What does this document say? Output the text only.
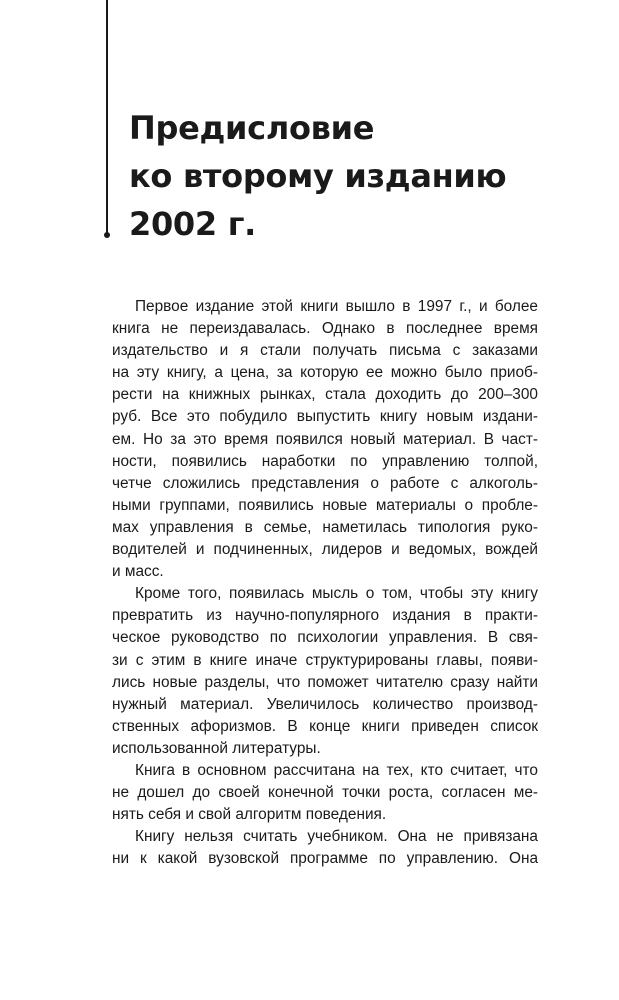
Предисловие
ко второму изданию
2002 г.
Первое издание этой книги вышло в 1997 г., и более
книга не переиздавалась. Однако в последнее время
издательство и я стали получать письма с заказами
на эту книгу, а цена, за которую ее можно было приоб-
рести на книжных рынках, стала доходить до 200–300
руб. Все это побудило выпустить книгу новым издани-
ем. Но за это время появился новый материал. В част-
ности, появились наработки по управлению толпой,
четче сложились представления о работе с алкоголь-
ными группами, появились новые материалы о пробле-
мах управления в семье, наметилась типология руко-
водителей и подчиненных, лидеров и ведомых, вождей
и масс.
Кроме того, появилась мысль о том, чтобы эту книгу
превратить из научно-популярного издания в практи-
ческое руководство по психологии управления. В свя-
зи с этим в книге иначе структурированы главы, появи-
лись новые разделы, что поможет читателю сразу найти
нужный материал. Увеличилось количество производ-
ственных афоризмов. В конце книги приведен список
использованной литературы.
Книга в основном рассчитана на тех, кто считает, что
не дошел до своей конечной точки роста, согласен ме-
нять себя и свой алгоритм поведения.
Книгу нельзя считать учебником. Она не привязана
ни к какой вузовской программе по управлению. Она
